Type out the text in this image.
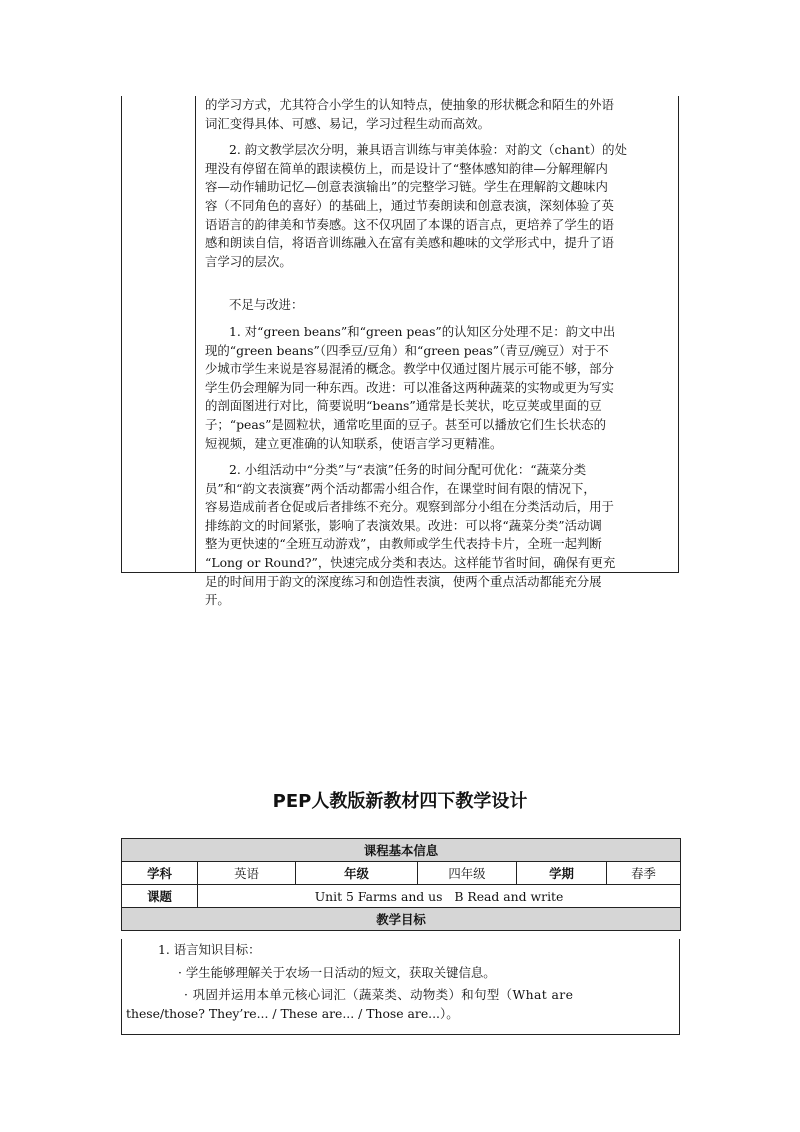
的学习方式，尤其符合小学生的认知特点，使抽象的形状概念和陌生的外语
词汇变得具体、可感、易记，学习过程生动而高效。
2. 韵文教学层次分明，兼具语言训练与审美体验：对韵文（chant）的处
理没有停留在简单的跟读模仿上，而是设计了“整体感知韵律—分解理解内
容—动作辅助记忆—创意表演输出”的完整学习链。学生在理解韵文趣味内
容（不同角色的喜好）的基础上，通过节奏朗读和创意表演，深刻体验了英
语语言的韵律美和节奏感。这不仅巩固了本课的语言点，更培养了学生的语
感和朗读自信，将语音训练融入在富有美感和趣味的文学形式中，提升了语
言学习的层次。
不足与改进：
1. 对“green beans”和“green peas”的认知区分处理不足：韵文中出
现的“green beans”（四季豆/豆角）和“green peas”（青豆/豌豆）对于不
少城市学生来说是容易混淆的概念。教学中仅通过图片展示可能不够，部分
学生仍会理解为同一种东西。改进：可以准备这两种蔬菜的实物或更为写实
的剖面图进行对比，简要说明“beans”通常是长荚状，吃豆荚或里面的豆
子；“peas”是圆粒状，通常吃里面的豆子。甚至可以播放它们生长状态的
短视频，建立更准确的认知联系，使语言学习更精准。
2. 小组活动中“分类”与“表演”任务的时间分配可优化：“蔬菜分类
员”和“韵文表演赛”两个活动都需小组合作，在课堂时间有限的情况下，
容易造成前者仓促或后者排练不充分。观察到部分小组在分类活动后，用于
排练韵文的时间紧张，影响了表演效果。改进：可以将“蔬菜分类”活动调
整为更快速的“全班互动游戏”，由教师或学生代表持卡片，全班一起判断
“Long or Round?”，快速完成分类和表达。这样能节省时间，确保有更充
足的时间用于韵文的深度练习和创造性表演，使两个重点活动都能充分展
开。
PEP人教版新教材四下教学设计
课程基本信息					
学科	英语	年级	四年级	学期	春季
课题	Unit 5 Farms and us   B Read and write				
教学目标					
1. 语言知识目标：
· 学生能够理解关于农场一日活动的短文，获取关键信息。
· 巩固并运用本单元核心词汇（蔬菜类、动物类）和句型（What are
these/those? They’re... / These are... / Those are...）。
